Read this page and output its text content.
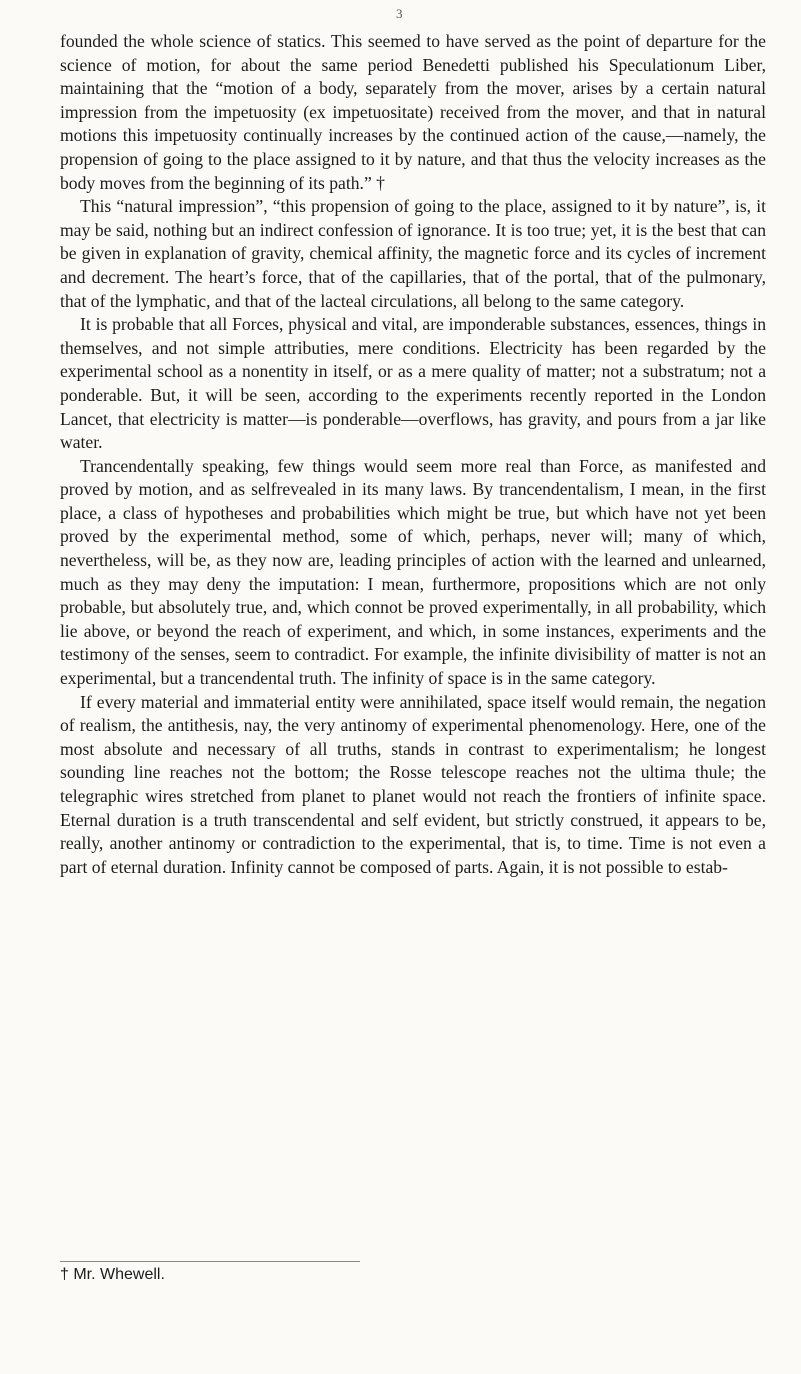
3

founded the whole science of statics. This seemed to have served as the point of departure for the science of motion, for about the same period Benedetti published his Speculationum Liber, maintaining that the “motion of a body, separately from the mover, arises by a certain natural impression from the impetuosity (ex impetuositate) received from the mover, and that in natural motions this impetuosity continually increases by the continued action of the cause,—namely, the propension of going to the place assigned to it by nature, and that thus the velocity increases as the body moves from the beginning of its path.” †

This “natural impression”, “this propension of going to the place, assigned to it by nature”, is, it may be said, nothing but an indirect confession of ignorance. It is too true; yet, it is the best that can be given in explanation of gravity, chemical affinity, the magnetic force and its cycles of increment and decrement. The heart’s force, that of the capillaries, that of the portal, that of the pulmonary, that of the lymphatic, and that of the lacteal circulations, all belong to the same category.

It is probable that all Forces, physical and vital, are imponderable substances, essences, things in themselves, and not simple attributies, mere conditions. Electricity has been regarded by the experimental school as a nonentity in itself, or as a mere quality of matter; not a substratum; not a ponderable. But, it will be seen, according to the experiments recently reported in the London Lancet, that electricity is matter—is ponderable—overflows, has gravity, and pours from a jar like water.

Trancendentally speaking, few things would seem more real than Force, as manifested and proved by motion, and as selfrevealed in its many laws. By trancendentalism, I mean, in the first place, a class of hypotheses and probabilities which might be true, but which have not yet been proved by the experimental method, some of which, perhaps, never will; many of which, nevertheless, will be, as they now are, leading principles of action with the learned and unlearned, much as they may deny the imputation: I mean, furthermore, propositions which are not only probable, but absolutely true, and, which connot be proved experimentally, in all probability, which lie above, or beyond the reach of experiment, and which, in some instances, experiments and the testimony of the senses, seem to contradict. For example, the infinite divisibility of matter is not an experimental, but a trancendental truth. The infinity of space is in the same category.

If every material and immaterial entity were annihilated, space itself would remain, the negation of realism, the antithesis, nay, the very antinomy of experimental phenomenology. Here, one of the most absolute and necessary of all truths, stands in contrast to experimentalism; he longest sounding line reaches not the bottom; the Rosse telescope reaches not the ultima thule; the telegraphic wires stretched from planet to planet would not reach the frontiers of infinite space. Eternal duration is a truth transcendental and self evident, but strictly construed, it appears to be, really, another antinomy or contradiction to the experimental, that is, to time. Time is not even a part of eternal duration. Infinity cannot be composed of parts. Again, it is not possible to estab-

† Mr. Whewell.
